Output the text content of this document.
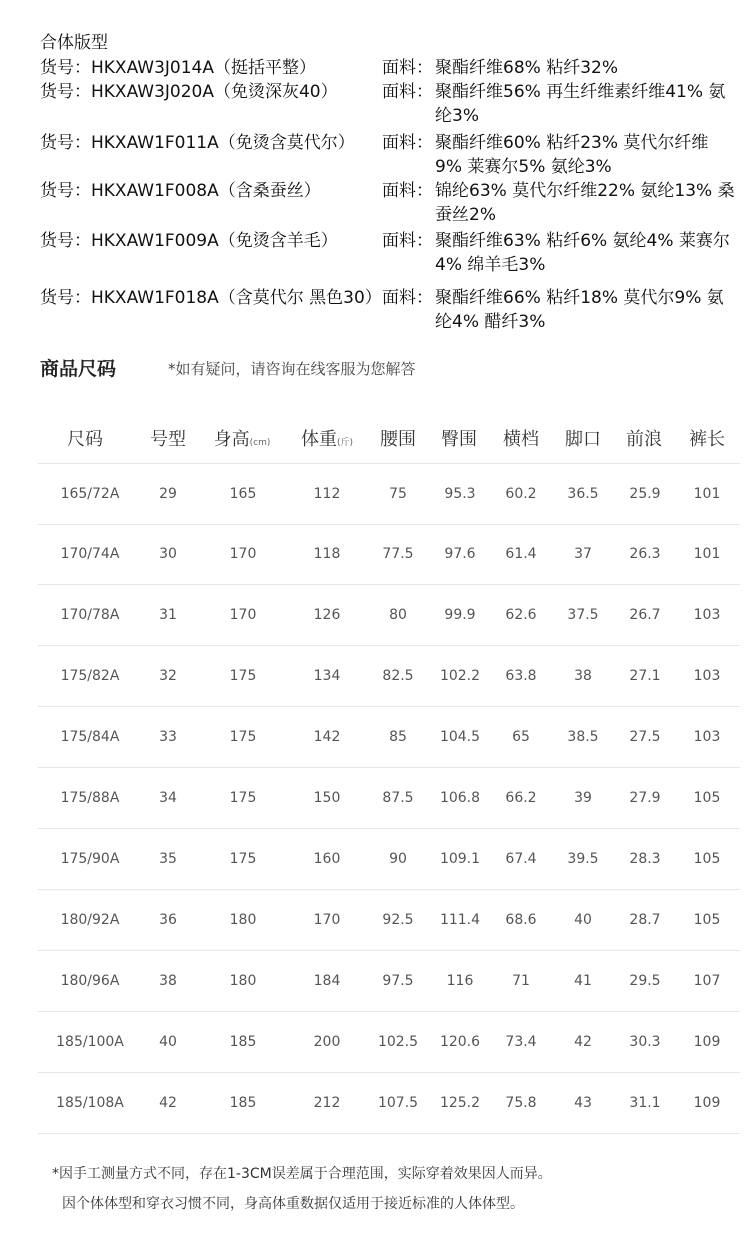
合体版型
货号：HKXAW3J014A（挺括平整）	面料： 聚酯纤维68% 粘纤32%
货号：HKXAW3J020A（免烫深灰40）	面料： 聚酯纤维56% 再生纤维素纤维41% 氨纶3%
货号：HKXAW1F011A（免烫含莫代尔） 面料： 聚酯纤维60% 粘纤23% 莫代尔纤维9% 莱赛尔5% 氨纶3%
货号：HKXAW1F008A（含桑蚕丝）	面料： 锦纶63% 莫代尔纤维22% 氨纶13% 桑蚕丝2%
货号：HKXAW1F009A（免烫含羊毛）	面料： 聚酯纤维63% 粘纤6% 氨纶4% 莱赛尔4% 绵羊毛3%
货号：HKXAW1F018A（含莫代尔 黑色30） 面料： 聚酯纤维66% 粘纤18% 莫代尔9% 氨纶4% 醋纤3%
商品尺码	*如有疑问，请咨询在线客服为您解答
尺码	号型 身高(cm) 体重(斤) 腰围 臀围 横档 脚口 前浪 裤长
165/72A	29	165	112	75	95.3 60.2 36.5 25.9 101
170/74A	30	170	118	77.5 97.6 61.4	37	26.3 101
170/78A	31	170	126	80	99.9 62.6 37.5 26.7 103
175/82A	32	175	134	82.5 102.2 63.8	38	27.1 103
175/84A	33	175	142	85 104.5 65	38.5 27.5 103
175/88A	34	175	150	87.5 106.8 66.2	39	27.9 105
175/90A	35	175	160	90 109.1 67.4 39.5 28.3 105
180/92A	36	180	170	92.5 111.4 68.6	40	28.7 105
180/96A	38	180	184	97.5 116	71	41	29.5 107
185/100A	40	185	200	102.5 120.6 73.4	42	30.3 109
185/108A	42	185	212	107.5 125.2 75.8	43	31.1 109
*因手工测量方式不同，存在1-3CM误差属于合理范围，实际穿着效果因人而异。
因个体体型和穿衣习惯不同，身高体重数据仅适用于接近标准的人体体型。
